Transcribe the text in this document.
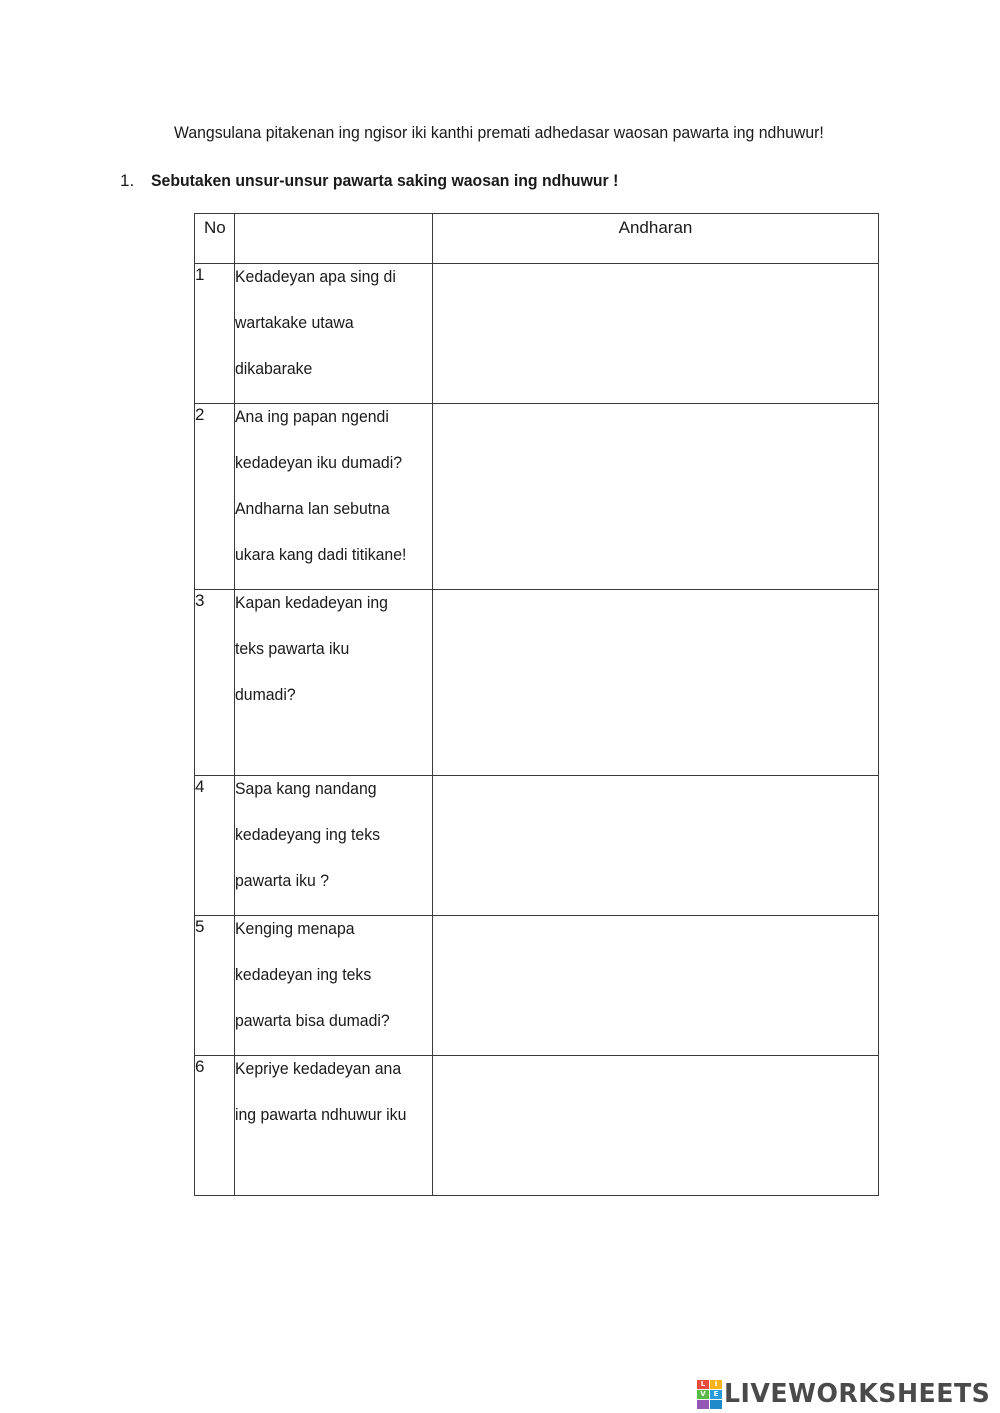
Wangsulana pitakenan ing ngisor iki kanthi premati adhedasar waosan pawarta ing ndhuwur!
1. Sebutaken unsur-unsur pawarta saking waosan ing ndhuwur !
No		Andharan
1	Kedadeyan apa sing di
wartakake utawa
dikabarake	

2	Ana ing papan ngendi
kedadeyan iku dumadi?
Andharna lan sebutna
ukara kang dadi titikane!	

3	Kapan kedadeyan ing
teks pawarta iku
dumadi?	

4	Sapa kang nandang
kedadeyang ing teks
pawarta iku ?	

5	Kenging menapa
kedadeyan ing teks
pawarta bisa dumadi?	

6	Kepriye kedadeyan ana
ing pawarta ndhuwur iku	

L	I
V	E LIVEWORKSHEETS
